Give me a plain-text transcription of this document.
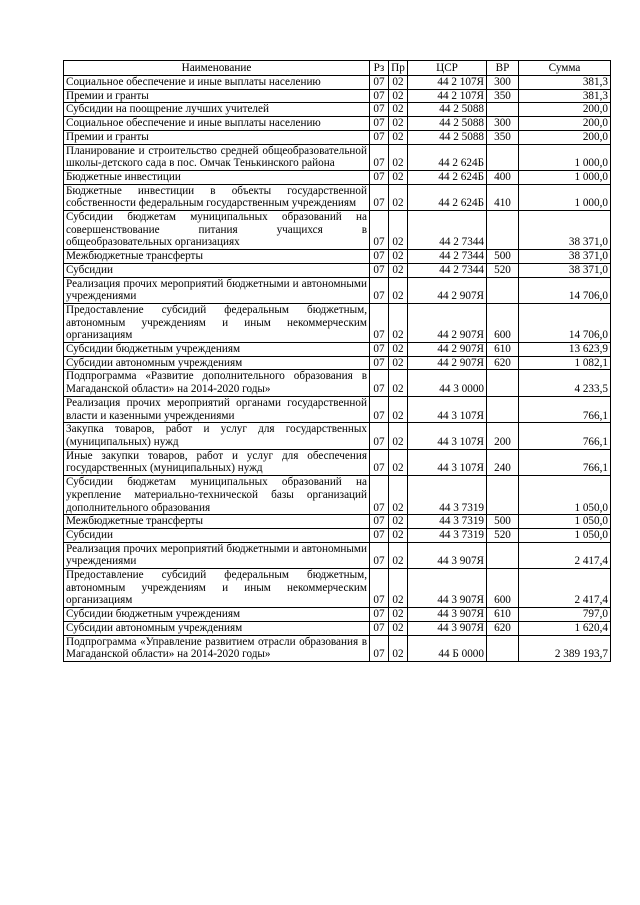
Наименование	Рз	Пр	ЦСР	ВР	Сумма
Социальное обеспечение и иные выплаты населению	07	02	44 2 107Я	300	381,3
Премии и гранты	07	02	44 2 107Я	350	381,3
Субсидии на поощрение лучших учителей	07	02	44 2 5088		200,0
Социальное обеспечение и иные выплаты населению	07	02	44 2 5088	300	200,0
Премии и гранты	07	02	44 2 5088	350	200,0
Планирование и строительство средней общеобразовательной школы-детского сада в пос. Омчак Тенькинского района	07	02	44 2 624Б		1 000,0
Бюджетные инвестиции	07	02	44 2 624Б	400	1 000,0
Бюджетные инвестиции в объекты государственной собственности федеральным государственным учреждениям	07	02	44 2 624Б	410	1 000,0
Субсидии бюджетам муниципальных образований на совершенствование питания учащихся в общеобразовательных организациях	07	02	44 2 7344		38 371,0
Межбюджетные трансферты	07	02	44 2 7344	500	38 371,0
Субсидии	07	02	44 2 7344	520	38 371,0
Реализация прочих мероприятий бюджетными и автономными учреждениями	07	02	44 2 907Я		14 706,0
Предоставление субсидий федеральным бюджетным, автономным учреждениям и иным некоммерческим организациям	07	02	44 2 907Я	600	14 706,0
Субсидии бюджетным учреждениям	07	02	44 2 907Я	610	13 623,9
Субсидии автономным учреждениям	07	02	44 2 907Я	620	1 082,1
Подпрограмма «Развитие дополнительного образования в Магаданской области» на 2014-2020 годы»	07	02	44 3 0000		4 233,5
Реализация прочих мероприятий органами государственной власти и казенными учреждениями	07	02	44 3 107Я		766,1
Закупка товаров, работ и услуг для государственных (муниципальных) нужд	07	02	44 3 107Я	200	766,1
Иные закупки товаров, работ и услуг для обеспечения государственных (муниципальных) нужд	07	02	44 3 107Я	240	766,1
Субсидии бюджетам муниципальных образований на укрепление материально-технической базы организаций дополнительного образования	07	02	44 3 7319		1 050,0
Межбюджетные трансферты	07	02	44 3 7319	500	1 050,0
Субсидии	07	02	44 3 7319	520	1 050,0
Реализация прочих мероприятий бюджетными и автономными учреждениями	07	02	44 3 907Я		2 417,4
Предоставление субсидий федеральным бюджетным, автономным учреждениям и иным некоммерческим организациям	07	02	44 3 907Я	600	2 417,4
Субсидии бюджетным учреждениям	07	02	44 3 907Я	610	797,0
Субсидии автономным учреждениям	07	02	44 3 907Я	620	1 620,4
Подпрограмма «Управление развитием отрасли образования в Магаданской области» на 2014-2020 годы»	07	02	44 Б 0000		2 389 193,7
